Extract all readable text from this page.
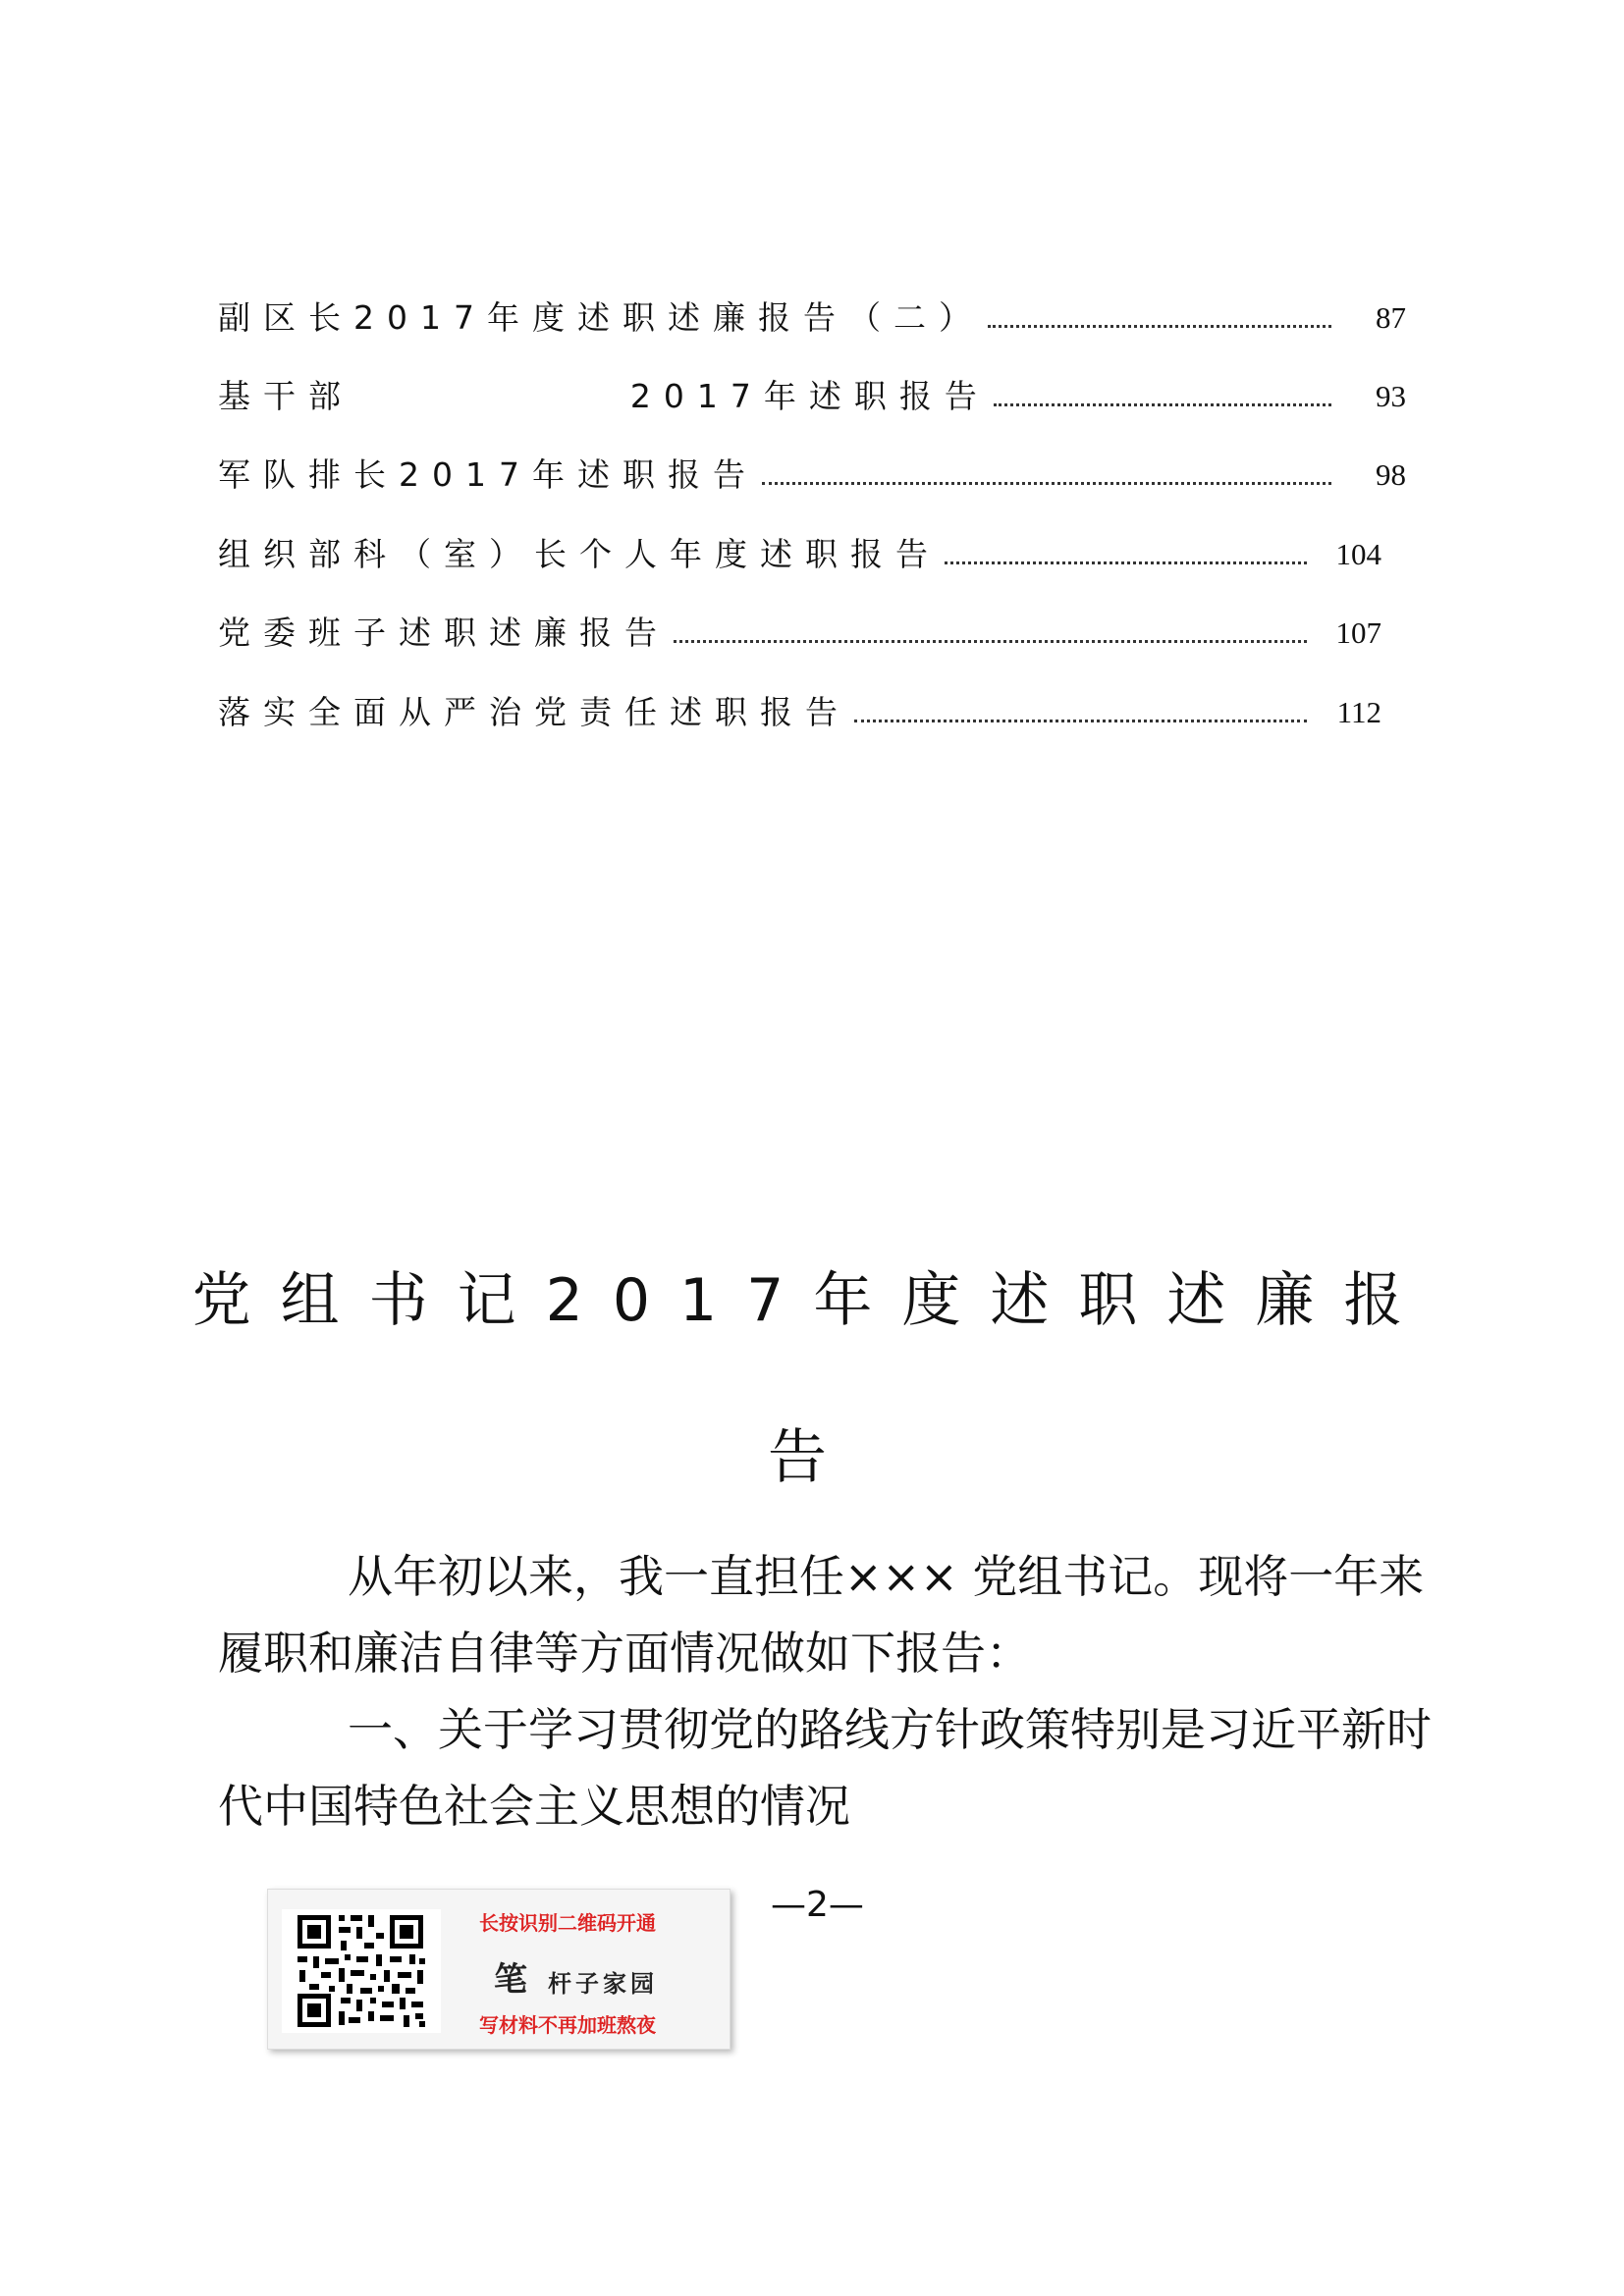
副区长2017年度述职述廉报告（二）	87
基干部            2017年述职报告	93
军队排长2017年述职报告	98
组织部科（室）长个人年度述职报告	104
党委班子述职述廉报告	107
落实全面从严治党责任述职报告	112
党组书记2017年度述职述廉报
告

从年初以来，我一直担任××× 党组书记。现将一年来
履职和廉洁自律等方面情况做如下报告：

一、关于学习贯彻党的路线方针政策特别是习近平新时
代中国特色社会主义思想的情况

长按识别二维码开通
笔 杆子家园
写材料不再加班熬夜
—2—
